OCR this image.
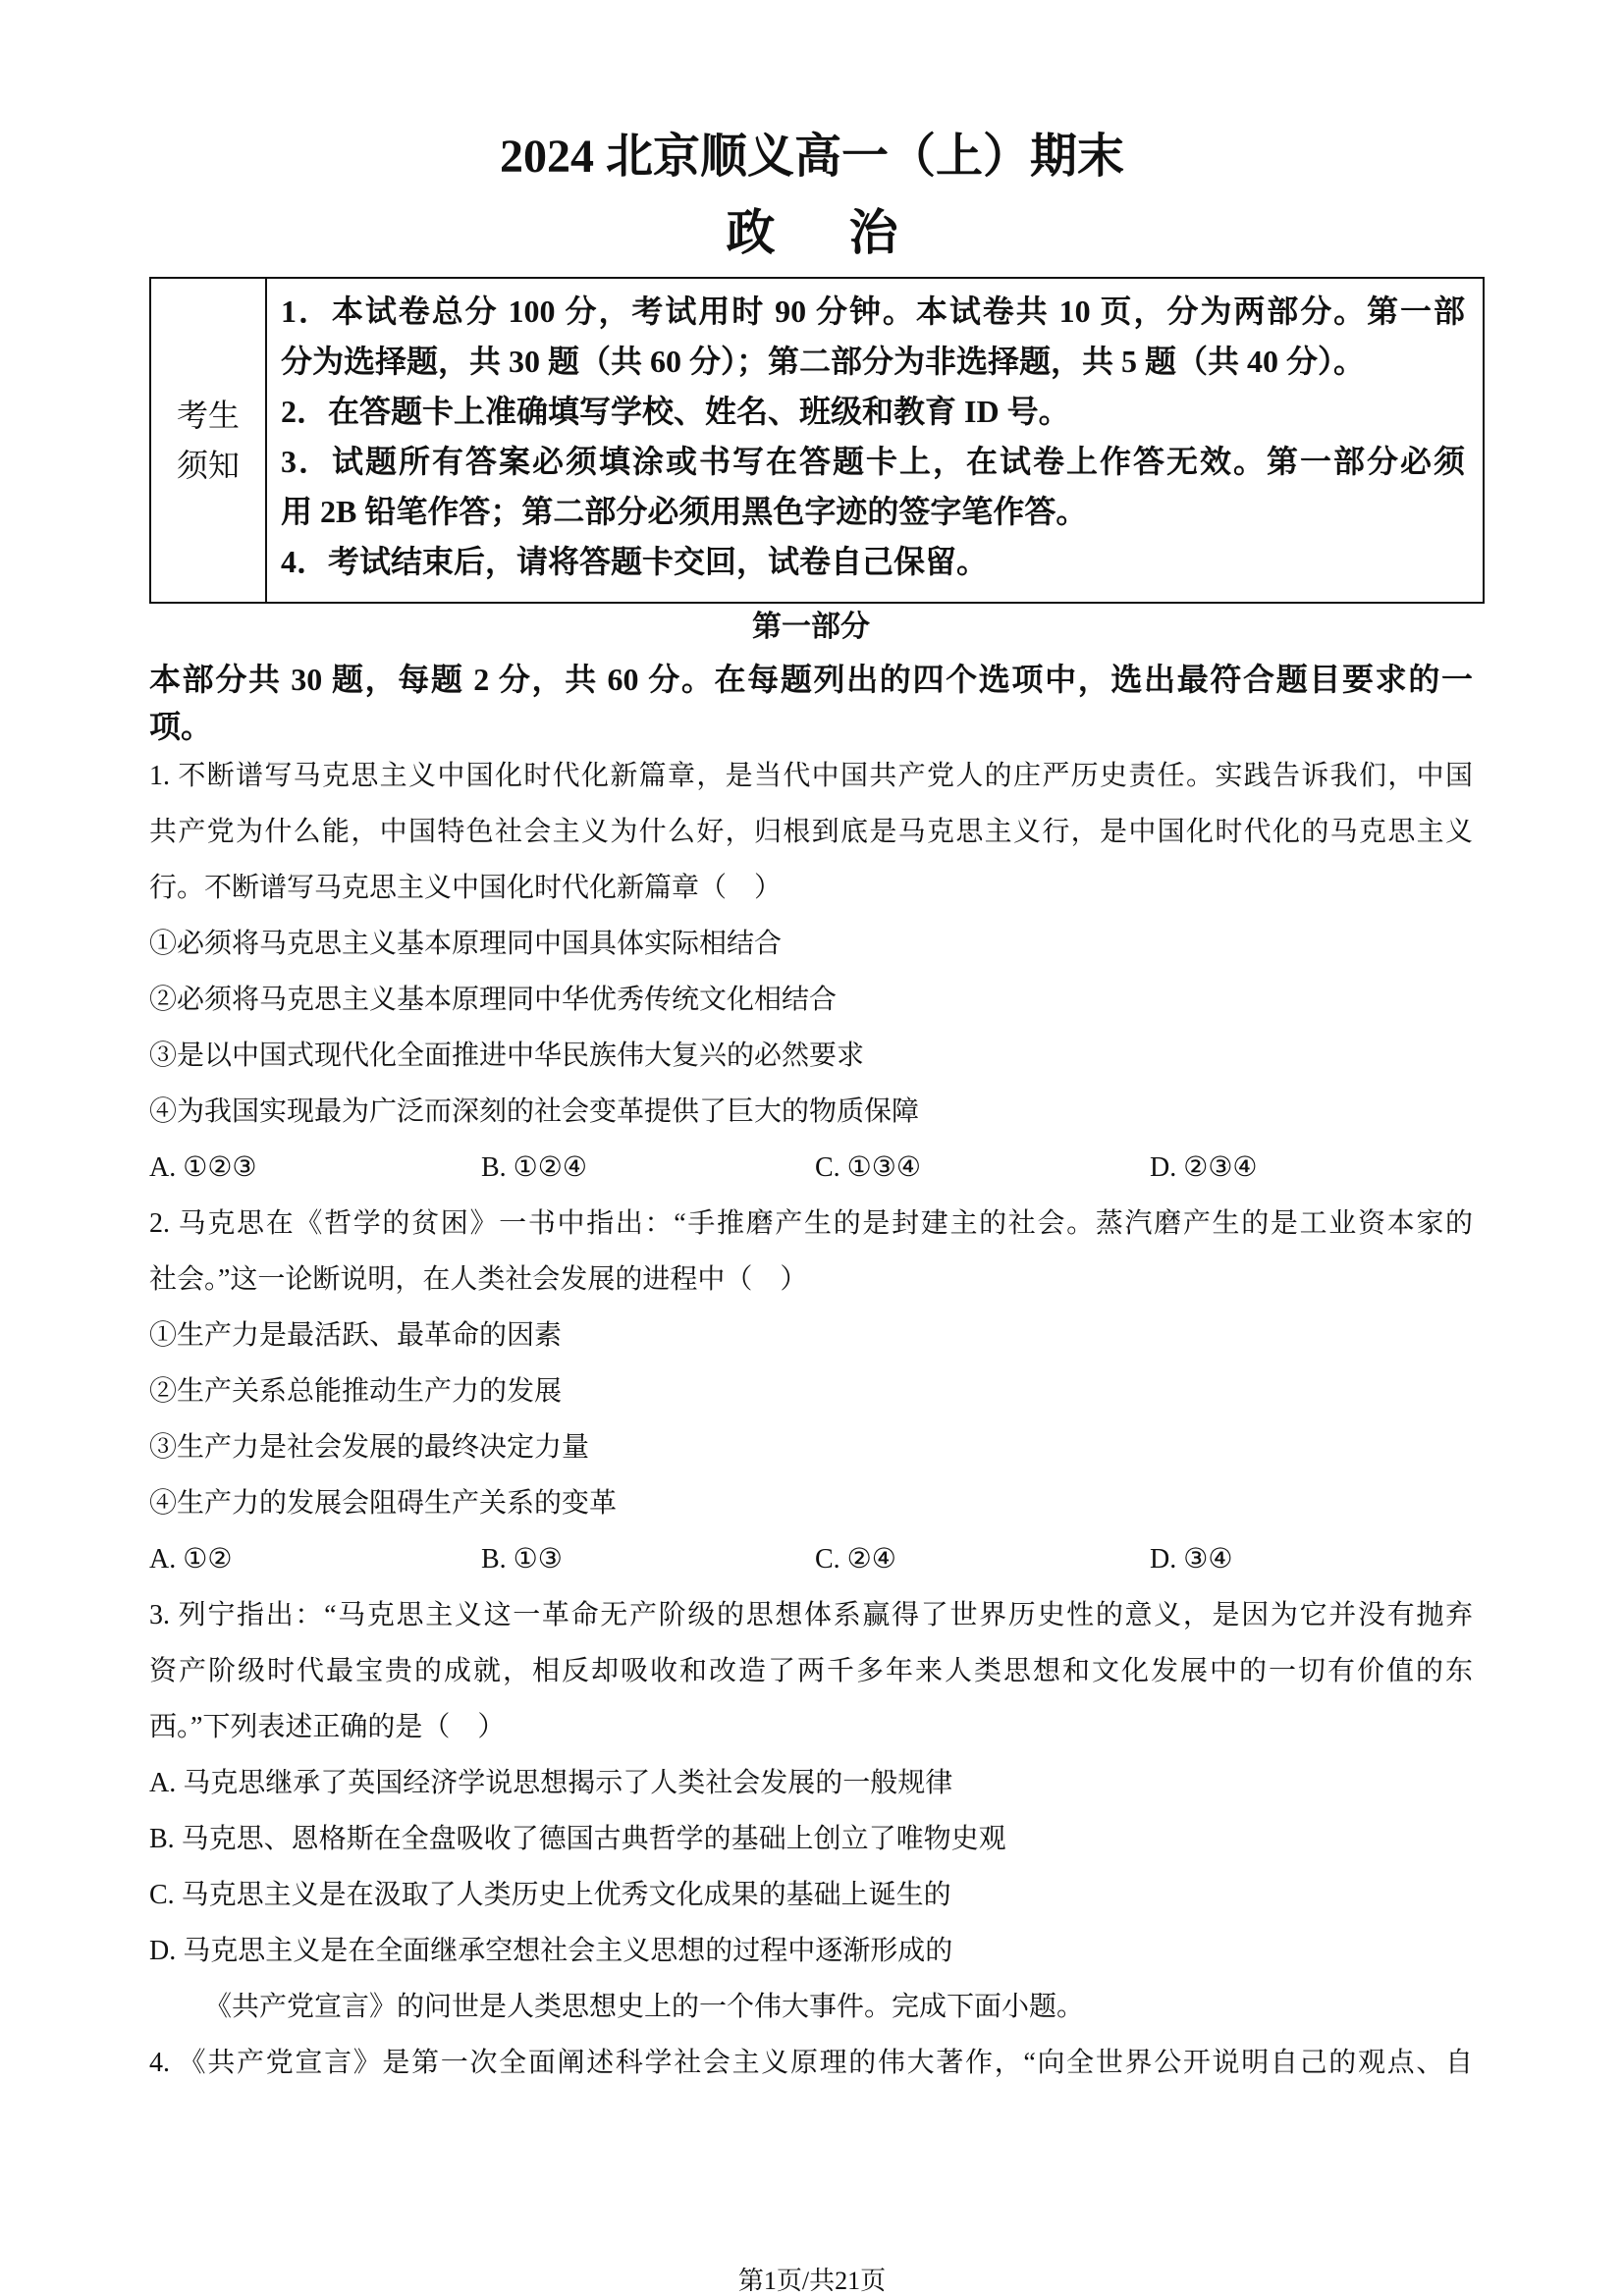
2024 北京顺义高一（上）期末
政　治
考生
须知
1．本试卷总分 100 分，考试用时 90 分钟。本试卷共 10 页，分为两部分。第一部
分为选择题，共 30 题（共 60 分）；第二部分为非选择题，共 5 题（共 40 分）。
2．在答题卡上准确填写学校、姓名、班级和教育 ID 号。
3．试题所有答案必须填涂或书写在答题卡上，在试卷上作答无效。第一部分必须
用 2B 铅笔作答；第二部分必须用黑色字迹的签字笔作答。
4．考试结束后，请将答题卡交回，试卷自己保留。
第一部分
本部分共 30 题，每题 2 分，共 60 分。在每题列出的四个选项中，选出最符合题目要求的一
项。
1. 不断谱写马克思主义中国化时代化新篇章，是当代中国共产党人的庄严历史责任。实践告诉我们，中国
共产党为什么能，中国特色社会主义为什么好，归根到底是马克思主义行，是中国化时代化的马克思主义
行。不断谱写马克思主义中国化时代化新篇章（　）
①必须将马克思主义基本原理同中国具体实际相结合
②必须将马克思主义基本原理同中华优秀传统文化相结合
③是以中国式现代化全面推进中华民族伟大复兴的必然要求
④为我国实现最为广泛而深刻的社会变革提供了巨大的物质保障
A. ①②③	B. ①②④	C. ①③④	D. ②③④
2. 马克思在《哲学的贫困》一书中指出：“手推磨产生的是封建主的社会。蒸汽磨产生的是工业资本家的
社会。”这一论断说明，在人类社会发展的进程中（　）
①生产力是最活跃、最革命的因素
②生产关系总能推动生产力的发展
③生产力是社会发展的最终决定力量
④生产力的发展会阻碍生产关系的变革
A. ①②	B. ①③	C. ②④	D. ③④
3. 列宁指出：“马克思主义这一革命无产阶级的思想体系赢得了世界历史性的意义，是因为它并没有抛弃
资产阶级时代最宝贵的成就，相反却吸收和改造了两千多年来人类思想和文化发展中的一切有价值的东
西。”下列表述正确的是（　）
A. 马克思继承了英国经济学说思想揭示了人类社会发展的一般规律
B. 马克思、恩格斯在全盘吸收了德国古典哲学的基础上创立了唯物史观
C. 马克思主义是在汲取了人类历史上优秀文化成果的基础上诞生的
D. 马克思主义是在全面继承空想社会主义思想的过程中逐渐形成的
《共产党宣言》的问世是人类思想史上的一个伟大事件。完成下面小题。
4. 《共产党宣言》是第一次全面阐述科学社会主义原理的伟大著作，“向全世界公开说明自己的观点、自
第1页/共21页
